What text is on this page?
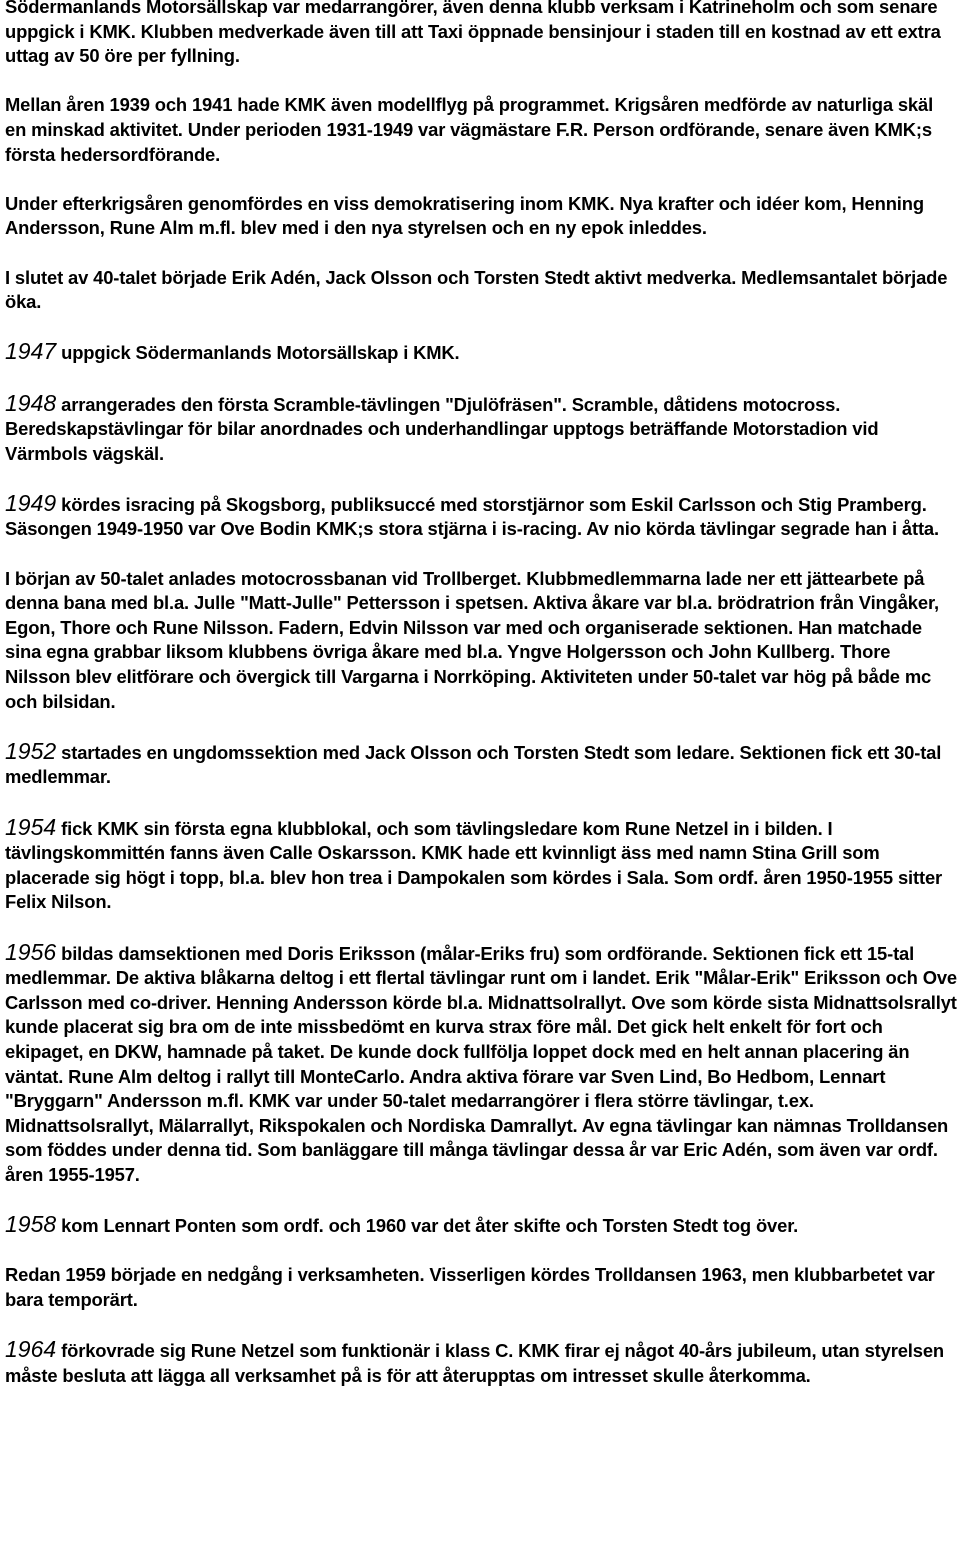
Södermanlands Motorsällskap var medarrangörer, även denna klubb verksam i Katrineholm och som senare uppgick i KMK. Klubben medverkade även till att Taxi öppnade bensinjour i staden till en kostnad av ett extra uttag av 50 öre per fyllning.

Mellan åren 1939 och 1941 hade KMK även modellflyg på programmet. Krigsåren medförde av naturliga skäl en minskad aktivitet. Under perioden 1931-1949 var vägmästare F.R. Person ordförande, senare även KMK;s första hedersordförande.

Under efterkrigsåren genomfördes en viss demokratisering inom KMK. Nya krafter och idéer kom, Henning Andersson, Rune Alm m.fl. blev med i den nya styrelsen och en ny epok inleddes.

I slutet av 40-talet började Erik Adén, Jack Olsson och Torsten Stedt aktivt medverka. Medlemsantalet började öka.

1947 uppgick Södermanlands Motorsällskap i KMK.

1948 arrangerades den första Scramble-tävlingen "Djulöfräsen". Scramble, dåtidens motocross. Beredskapstävlingar för bilar anordnades och underhandlingar upptogs beträffande Motorstadion vid Värmbols vägskäl.

1949 kördes isracing på Skogsborg, publiksuccé med storstjärnor som Eskil Carlsson och Stig Pramberg. Säsongen 1949-1950 var Ove Bodin KMK;s stora stjärna i is-racing. Av nio körda tävlingar segrade han i åtta.

I början av 50-talet anlades motocrossbanan vid Trollberget. Klubbmedlemmarna lade ner ett jättearbete på denna bana med bl.a. Julle "Matt-Julle" Pettersson i spetsen. Aktiva åkare var bl.a. brödratrion från Vingåker, Egon, Thore och Rune Nilsson. Fadern, Edvin Nilsson var med och organiserade sektionen. Han matchade sina egna grabbar liksom klubbens övriga åkare med bl.a. Yngve Holgersson och John Kullberg. Thore Nilsson blev elitförare och övergick till Vargarna i Norrköping. Aktiviteten under 50-talet var hög på både mc och bilsidan.

1952 startades en ungdomssektion med Jack Olsson och Torsten Stedt som ledare. Sektionen fick ett 30-tal medlemmar.

1954 fick KMK sin första egna klubblokal, och som tävlingsledare kom Rune Netzel in i bilden. I tävlingskommittén fanns även Calle Oskarsson. KMK hade ett kvinnligt äss med namn Stina Grill som placerade sig högt i topp, bl.a. blev hon trea i Dampokalen som kördes i Sala. Som ordf. åren 1950-1955 sitter Felix Nilson.

1956 bildas damsektionen med Doris Eriksson (målar-Eriks fru) som ordförande. Sektionen fick ett 15-tal medlemmar. De aktiva blåkarna deltog i ett flertal tävlingar runt om i landet. Erik "Målar-Erik" Eriksson och Ove Carlsson med co-driver. Henning Andersson körde bl.a. Midnattsolrallyt. Ove som körde sista Midnattsolsrallyt kunde placerat sig bra om de inte missbedömt en kurva strax före mål. Det gick helt enkelt för fort och ekipaget, en DKW, hamnade på taket. De kunde dock fullfölja loppet dock med en helt annan placering än väntat. Rune Alm deltog i rallyt till MonteCarlo. Andra aktiva förare var Sven Lind, Bo Hedbom, Lennart "Bryggarn" Andersson m.fl. KMK var under 50-talet medarrangörer i flera större tävlingar, t.ex. Midnattsolsrallyt, Mälarrallyt, Rikspokalen och Nordiska Damrallyt. Av egna tävlingar kan nämnas Trolldansen som föddes under denna tid. Som banläggare till många tävlingar dessa år var Eric Adén, som även var ordf. åren 1955-1957.

1958 kom Lennart Ponten som ordf. och 1960 var det åter skifte och Torsten Stedt tog över.

Redan 1959 började en nedgång i verksamheten. Visserligen kördes Trolldansen 1963, men klubbarbetet var bara temporärt.

1964 förkovrade sig Rune Netzel som funktionär i klass C. KMK firar ej något 40-års jubileum, utan styrelsen måste besluta att lägga all verksamhet på is för att återupptas om intresset skulle återkomma.
